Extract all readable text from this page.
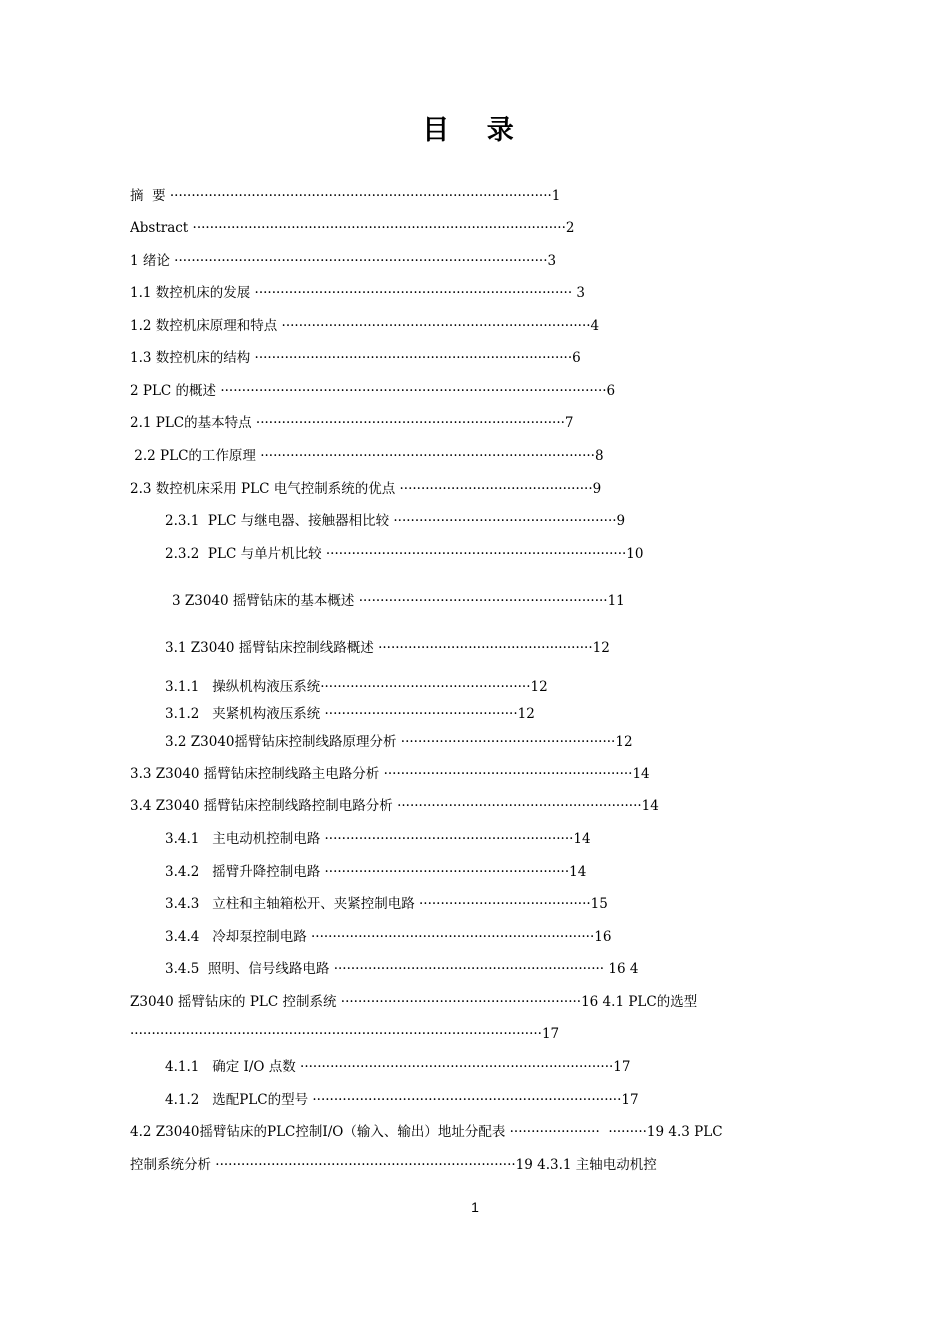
目 录
摘  要 ·························································································1
Abstract ·······················································································2
1 绪论 ·······················································································3
1.1 数控机床的发展 ·········································································· 3
1.2 数控机床原理和特点 ········································································4
1.3 数控机床的结构 ··········································································6
2 PLC 的概述 ··························································································6
2.1 PLC的基本特点 ········································································7
2.2 PLC的工作原理 ··············································································8
2.3 数控机床采用 PLC 电气控制系统的优点 ·············································9
2.3.1  PLC 与继电器、接触器相比较 ····················································9
2.3.2  PLC 与单片机比较 ······································································10
3 Z3040 摇臂钻床的基本概述 ··························································11
3.1 Z3040 摇臂钻床控制线路概述 ··················································12
3.1.1   操纵机构液压系统·················································12
3.1.2   夹紧机构液压系统 ·············································12
3.2 Z3040摇臂钻床控制线路原理分析 ··················································12
3.3 Z3040 摇臂钻床控制线路主电路分析 ··························································14
3.4 Z3040 摇臂钻床控制线路控制电路分析 ·························································14
3.4.1   主电动机控制电路 ··························································14
3.4.2   摇臂升降控制电路 ·························································14
3.4.3   立柱和主轴箱松开、夹紧控制电路 ········································15
3.4.4   冷却泵控制电路 ··································································16
3.4.5  照明、信号线路电路 ······························································· 16 4
Z3040 摇臂钻床的 PLC 控制系统 ························································16 4.1 PLC的选型
································································································17
4.1.1   确定 I/O 点数 ·········································································17
4.1.2   选配PLC的型号 ········································································17
4.2 Z3040摇臂钻床的PLC控制I/O（输入、输出）地址分配表 ·····················  ·········19 4.3 PLC
控制系统分析 ······································································19 4.3.1 主轴电动机控
1
